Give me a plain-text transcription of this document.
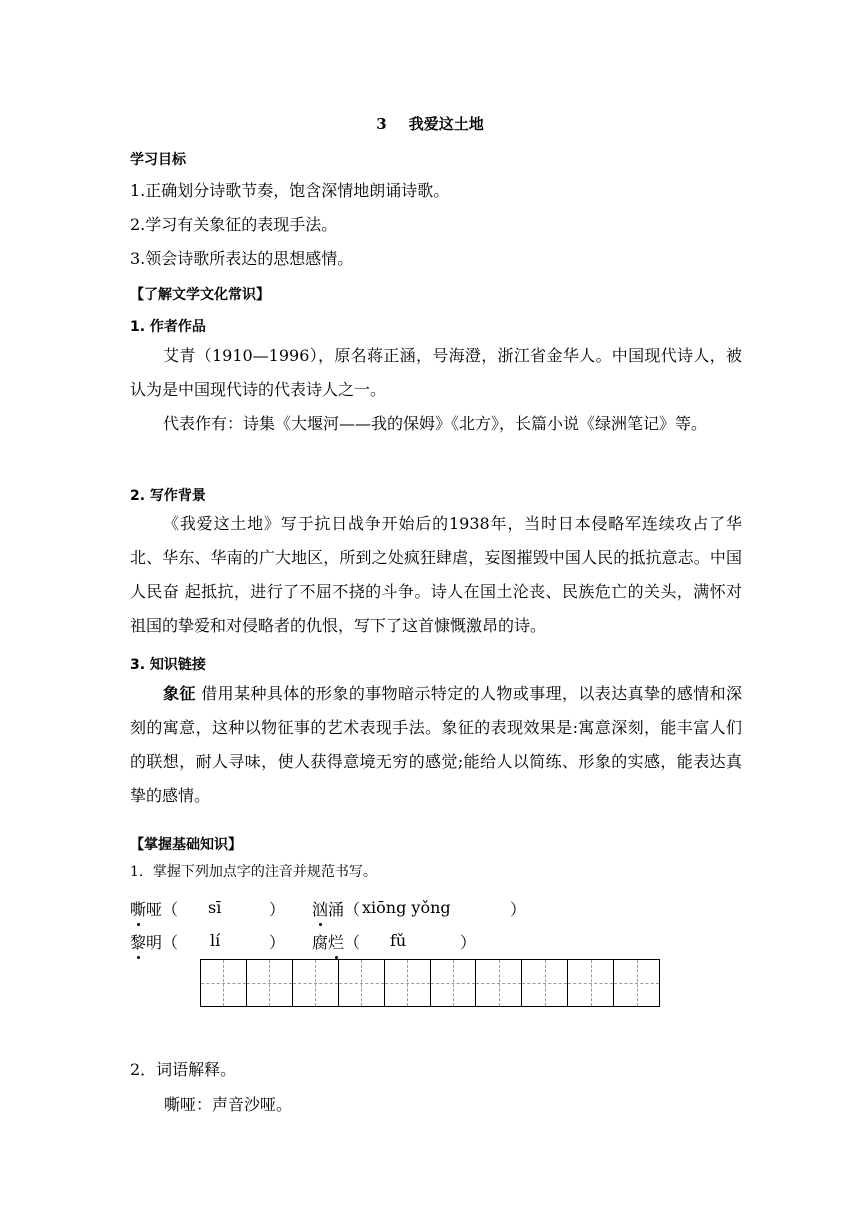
3 我爱这土地
学习目标
1.正确划分诗歌节奏，饱含深情地朗诵诗歌。
2.学习有关象征的表现手法。
3.领会诗歌所表达的思想感情。
【了解文学文化常识】
1. 作者作品
艾青（1910—1996），原名蒋正涵，号海澄，浙江省金华人。中国现代诗人，被认为是中国现代诗的代表诗人之一。
代表作有：诗集《大堰河——我的保姆》《北方》，长篇小说《绿洲笔记》等。
2. 写作背景
《我爱这土地》写于抗日战争开始后的1938年，当时日本侵略军连续攻占了华北、华东、华南的广大地区，所到之处疯狂肆虐，妄图摧毁中国人民的抵抗意志。中国人民奋 起抵抗，进行了不屈不挠的斗争。诗人在国土沦丧、民族危亡的关头，满怀对祖国的挚爱和对侵略者的仇恨，写下了这首慷慨激昂的诗。
3. 知识链接
象征 借用某种具体的形象的事物暗示特定的人物或事理，以表达真挚的感情和深刻的寓意，这种以物征事的艺术表现手法。象征的表现效果是:寓意深刻，能丰富人们的联想，耐人寻味，使人获得意境无穷的感觉;能给人以简练、形象的实感，能表达真挚的感情。
【掌握基础知识】
1．掌握下列加点字的注音并规范书写。
嘶哑（ sī	） 汹涌（ xiōng yǒng	）
黎明（ lí	） 腐烂（ fǔ	）
2．词语解释。
嘶哑：声音沙哑。
